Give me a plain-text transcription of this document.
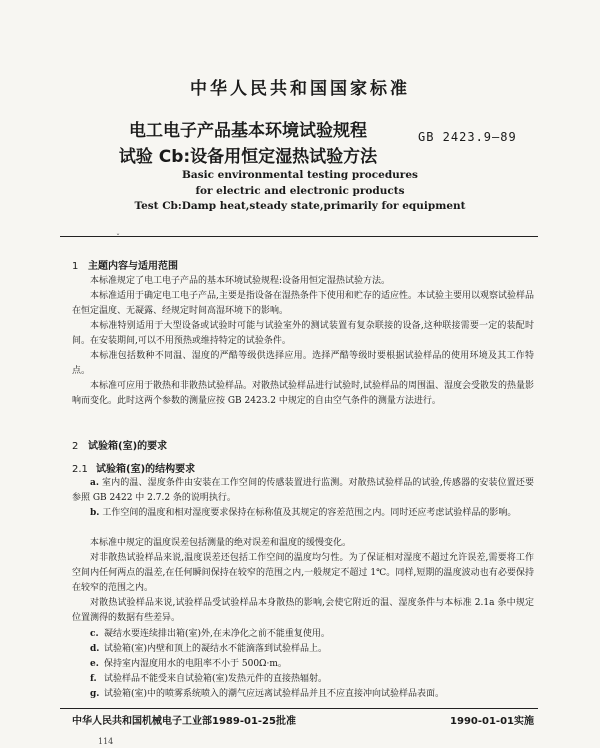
中华人民共和国国家标准
电工电子产品基本环境试验规程
试验 Cb:设备用恒定湿热试验方法
GB 2423.9—89
Basic environmental testing procedures
for electric and electronic products
Test Cb:Damp heat,steady state,primarily for equipment
ˇ
1 主题内容与适用范围
本标准规定了电工电子产品的基本环境试验规程:设备用恒定湿热试验方法。
本标准适用于确定电工电子产品,主要是指设备在湿热条件下使用和贮存的适应性。本试验主要用以观察试验样品在恒定温度、无凝露、经规定时间高湿环境下的影响。
本标准特别适用于大型设备或试验时可能与试验室外的测试装置有复杂联接的设备,这种联接需要一定的装配时间。在安装期间,可以不用预热或维持特定的试验条件。
本标准包括数种不同温、湿度的严酷等级供选择应用。选择严酷等级时要根据试验样品的使用环境及其工作特点。
本标准可应用于散热和非散热试验样品。对散热试验样品进行试验时,试验样品的周围温、湿度会受散发的热量影响而变化。此时这两个参数的测量应按 GB 2423.2 中规定的自由空气条件的测量方法进行。
2 试验箱(室)的要求
2.1 试验箱(室)的结构要求
a. 室内的温、湿度条件由安装在工作空间的传感装置进行监测。对散热试验样品的试验,传感器的安装位置还要参照 GB 2422 中 2.7.2 条的说明执行。
b. 工作空间的温度和相对湿度要求保持在标称值及其规定的容差范围之内。同时还应考虑试验样品的影响。
本标准中规定的温度误差包括测量的绝对误差和温度的缓慢变化。
对非散热试验样品来说,温度误差还包括工作空间的温度均匀性。为了保证相对湿度不超过允许误差,需要将工作空间内任何两点的温差,在任何瞬间保持在较窄的范围之内,一般规定不超过 1℃。同样,短期的温度波动也有必要保持在较窄的范围之内。
对散热试验样品来说,试验样品受试验样品本身散热的影响,会使它附近的温、湿度条件与本标准 2.1a 条中规定位置测得的数据有些差异。
c. 凝结水要连续排出箱(室)外,在未净化之前不能重复使用。
d. 试验箱(室)内壁和顶上的凝结水不能滴落到试验样品上。
e. 保持室内湿度用水的电阻率不小于 500Ω·m。
f. 试验样品不能受来自试验箱(室)发热元件的直接热辐射。
g. 试验箱(室)中的喷雾系统喷入的潮气应远离试验样品并且不应直接冲向试验样品表面。
中华人民共和国机械电子工业部1989-01-25批准	1990-01-01实施
114
